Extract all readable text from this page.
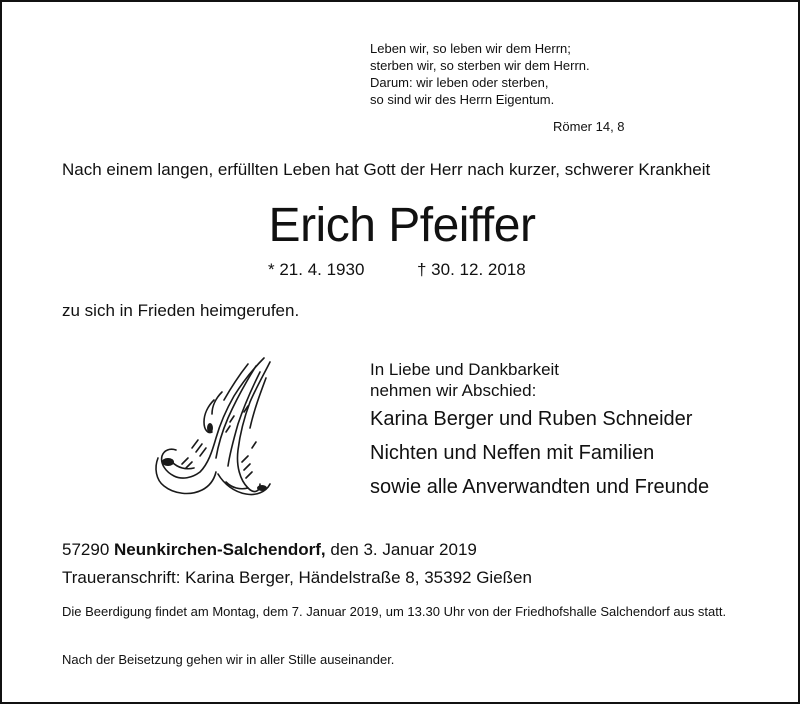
Leben wir, so leben wir dem Herrn;
sterben wir, so sterben wir dem Herrn.
Darum: wir leben oder sterben,
so sind wir des Herrn Eigentum.
Römer 14, 8
Nach einem langen, erfüllten Leben hat Gott der Herr nach kurzer, schwerer Krankheit
Erich Pfeiffer
* 21. 4. 1930	† 30. 12. 2018
zu sich in Frieden heimgerufen.
In Liebe und Dankbarkeit
nehmen wir Abschied:
Karina Berger und Ruben Schneider
Nichten und Neffen mit Familien
sowie alle Anverwandten und Freunde
57290 Neunkirchen-Salchendorf, den 3. Januar 2019
Traueranschrift: Karina Berger, Händelstraße 8, 35392 Gießen
Die Beerdigung findet am Montag, dem 7. Januar 2019, um 13.30 Uhr von der Friedhofshalle Salchendorf aus statt.
Nach der Beisetzung gehen wir in aller Stille auseinander.
